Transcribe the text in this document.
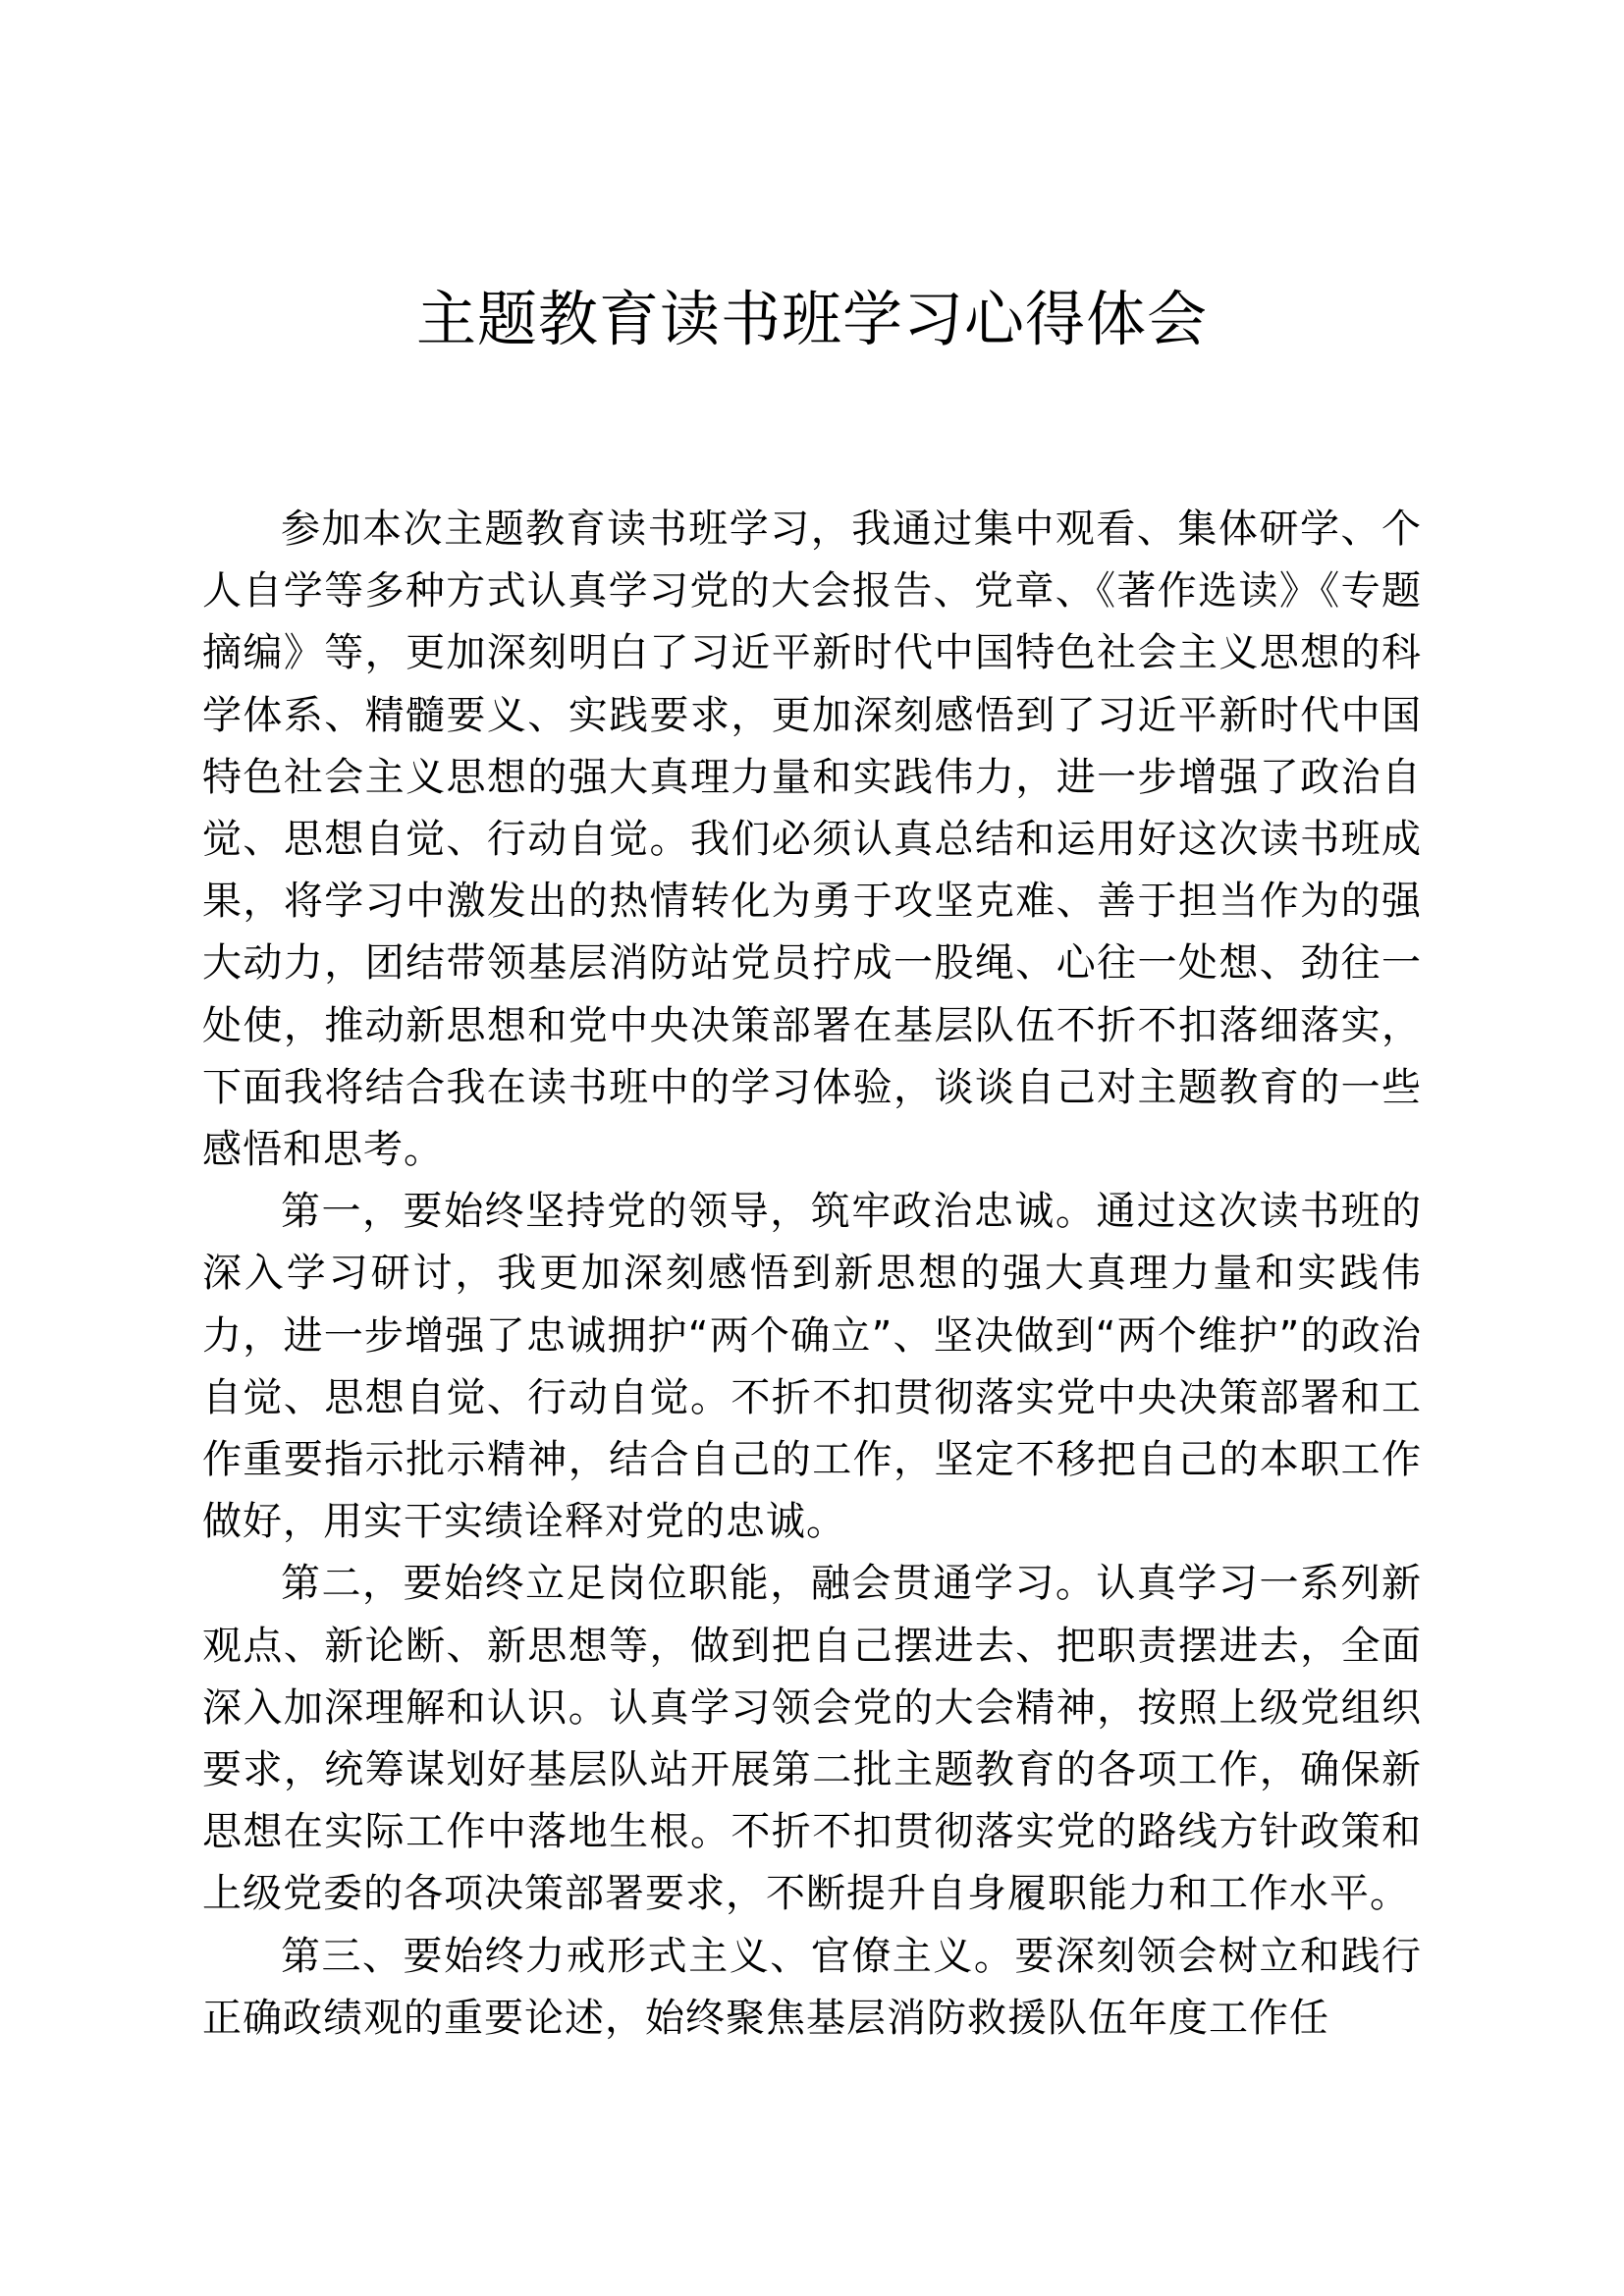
主题教育读书班学习心得体会

参加本次主题教育读书班学习，我通过集中观看、集体研学、个人自学等多种方式认真学习党的大会报告、党章、《著作选读》《专题摘编》等，更加深刻明白了习近平新时代中国特色社会主义思想的科学体系、精髓要义、实践要求，更加深刻感悟到了习近平新时代中国特色社会主义思想的强大真理力量和实践伟力，进一步增强了政治自觉、思想自觉、行动自觉。我们必须认真总结和运用好这次读书班成果，将学习中激发出的热情转化为勇于攻坚克难、善于担当作为的强大动力，团结带领基层消防站党员拧成一股绳、心往一处想、劲往一处使，推动新思想和党中央决策部署在基层队伍不折不扣落细落实，下面我将结合我在读书班中的学习体验，谈谈自己对主题教育的一些感悟和思考。

第一，要始终坚持党的领导，筑牢政治忠诚。通过这次读书班的深入学习研讨，我更加深刻感悟到新思想的强大真理力量和实践伟力，进一步增强了忠诚拥护“两个确立”、坚决做到“两个维护”的政治自觉、思想自觉、行动自觉。不折不扣贯彻落实党中央决策部署和工作重要指示批示精神，结合自己的工作，坚定不移把自己的本职工作做好，用实干实绩诠释对党的忠诚。

第二，要始终立足岗位职能，融会贯通学习。认真学习一系列新观点、新论断、新思想等，做到把自己摆进去、把职责摆进去，全面深入加深理解和认识。认真学习领会党的大会精神，按照上级党组织要求，统筹谋划好基层队站开展第二批主题教育的各项工作，确保新思想在实际工作中落地生根。不折不扣贯彻落实党的路线方针政策和上级党委的各项决策部署要求，不断提升自身履职能力和工作水平。

第三、要始终力戒形式主义、官僚主义。要深刻领会树立和践行正确政绩观的重要论述，始终聚焦基层消防救援队伍年度工作任
